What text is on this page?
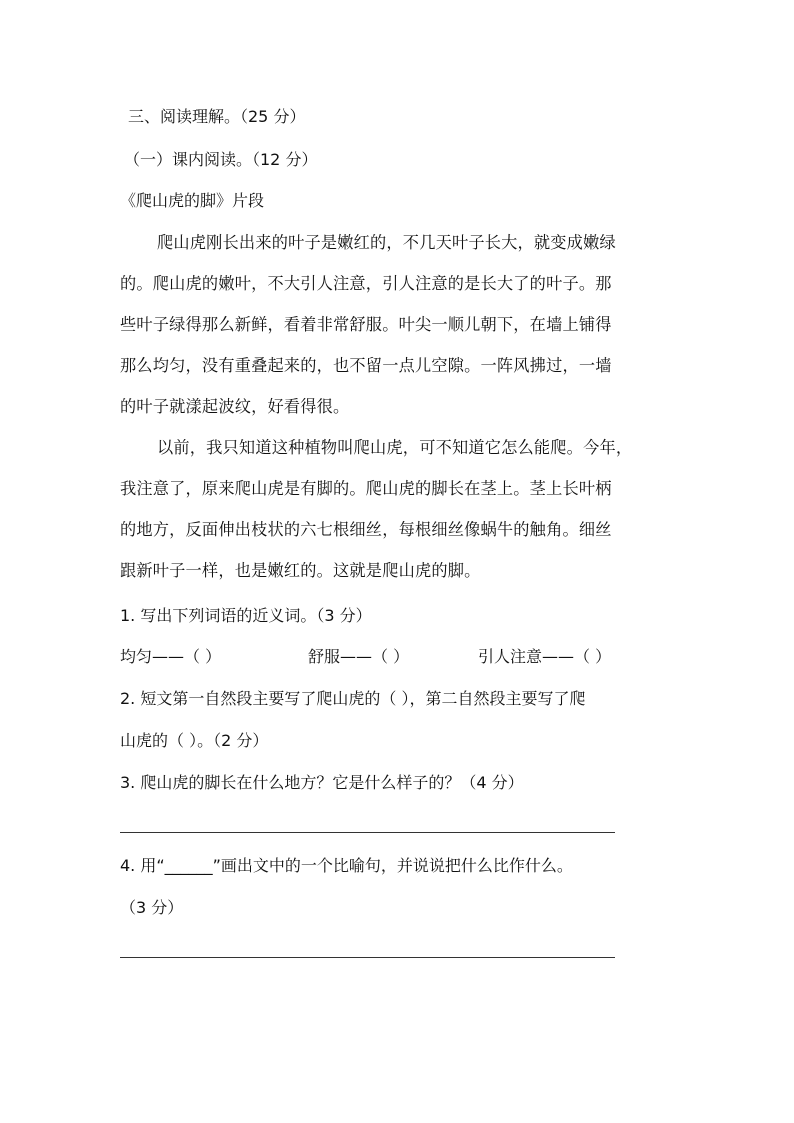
三、阅读理解。（25 分）
（一）课内阅读。（12 分）
《爬山虎的脚》片段
爬山虎刚长出来的叶子是嫩红的，不几天叶子长大，就变成嫩绿
的。爬山虎的嫩叶，不大引人注意，引人注意的是长大了的叶子。那
些叶子绿得那么新鲜，看着非常舒服。叶尖一顺儿朝下，在墙上铺得
那么均匀，没有重叠起来的，也不留一点儿空隙。一阵风拂过，一墙
的叶子就漾起波纹，好看得很。
以前，我只知道这种植物叫爬山虎，可不知道它怎么能爬。今年，
我注意了，原来爬山虎是有脚的。爬山虎的脚长在茎上。茎上长叶柄
的地方，反面伸出枝状的六七根细丝，每根细丝像蜗牛的触角。细丝
跟新叶子一样，也是嫩红的。这就是爬山虎的脚。
1. 写出下列词语的近义词。（3 分）
均匀——（ ）	舒服——（ ）	引人注意——（ ）
2. 短文第一自然段主要写了爬山虎的（ ），第二自然段主要写了爬
山虎的（ ）。（2 分）
3. 爬山虎的脚长在什么地方？它是什么样子的？（4 分）
4. 用“______”画出文中的一个比喻句，并说说把什么比作什么。
（3 分）
